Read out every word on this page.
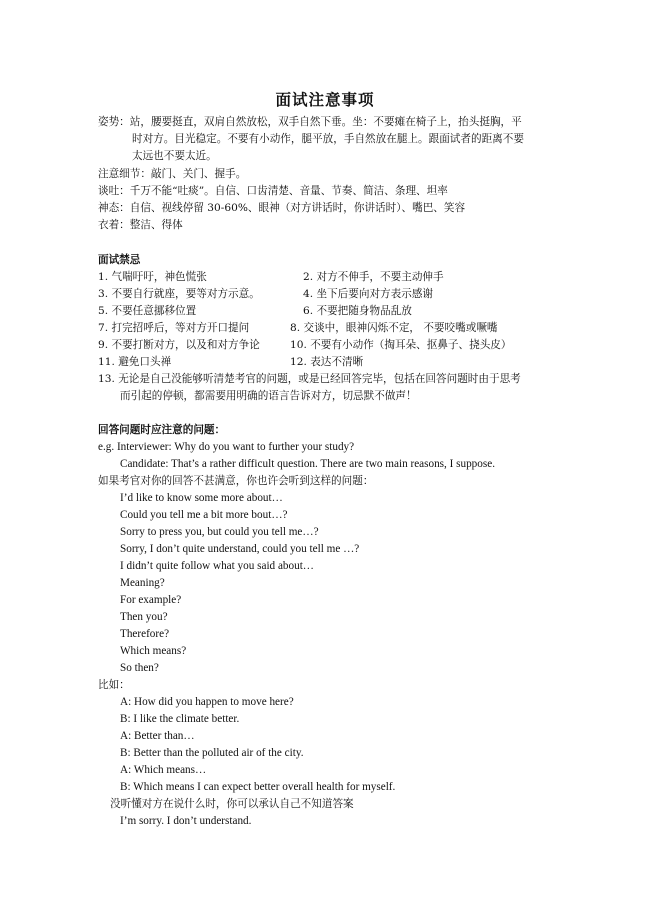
面试注意事项
姿势：站，腰要挺直，双肩自然放松，双手自然下垂。坐：不要瘫在椅子上，抬头挺胸，平
时对方。目光稳定。不要有小动作，腿平放，手自然放在腿上。跟面试者的距离不要
太远也不要太近。
注意细节：敲门、关门、握手。
谈吐：千万不能“吐痰”。自信、口齿清楚、音量、节奏、简洁、条理、坦率
神态：自信、视线停留 30-60%、眼神（对方讲话时，你讲话时）、嘴巴、笑容
衣着：整洁、得体
面试禁忌
1. 气喘吁吁，神色慌张	2. 对方不伸手，不要主动伸手
3. 不要自行就座，要等对方示意。	4. 坐下后要向对方表示感谢
5. 不要任意挪移位置	6. 不要把随身物品乱放
7. 打完招呼后，等对方开口提问	8. 交谈中，眼神闪烁不定， 不要咬嘴或噘嘴
9. 不要打断对方，以及和对方争论	10. 不要有小动作（掏耳朵、抠鼻子、挠头皮）
11. 避免口头禅	12. 表达不清晰
13. 无论是自己没能够听清楚考官的问题，或是已经回答完毕，包括在回答问题时由于思考
而引起的停顿，都需要用明确的语言告诉对方，切忌默不做声！
回答问题时应注意的问题：
e.g. Interviewer: Why do you want to further your study?
Candidate: That’s a rather difficult question. There are two main reasons, I suppose.
如果考官对你的回答不甚满意，你也许会听到这样的问题：
I’d like to know some more about…
Could you tell me a bit more bout…?
Sorry to press you, but could you tell me…?
Sorry, I don’t quite understand, could you tell me …?
I didn’t quite follow what you said about…
Meaning?
For example?
Then you?
Therefore?
Which means?
So then?
比如：
A: How did you happen to move here?
B: I like the climate better.
A: Better than…
B: Better than the polluted air of the city.
A: Which means…
B: Which means I can expect better overall health for myself.
没听懂对方在说什么时，你可以承认自己不知道答案
I’m sorry. I don’t understand.
